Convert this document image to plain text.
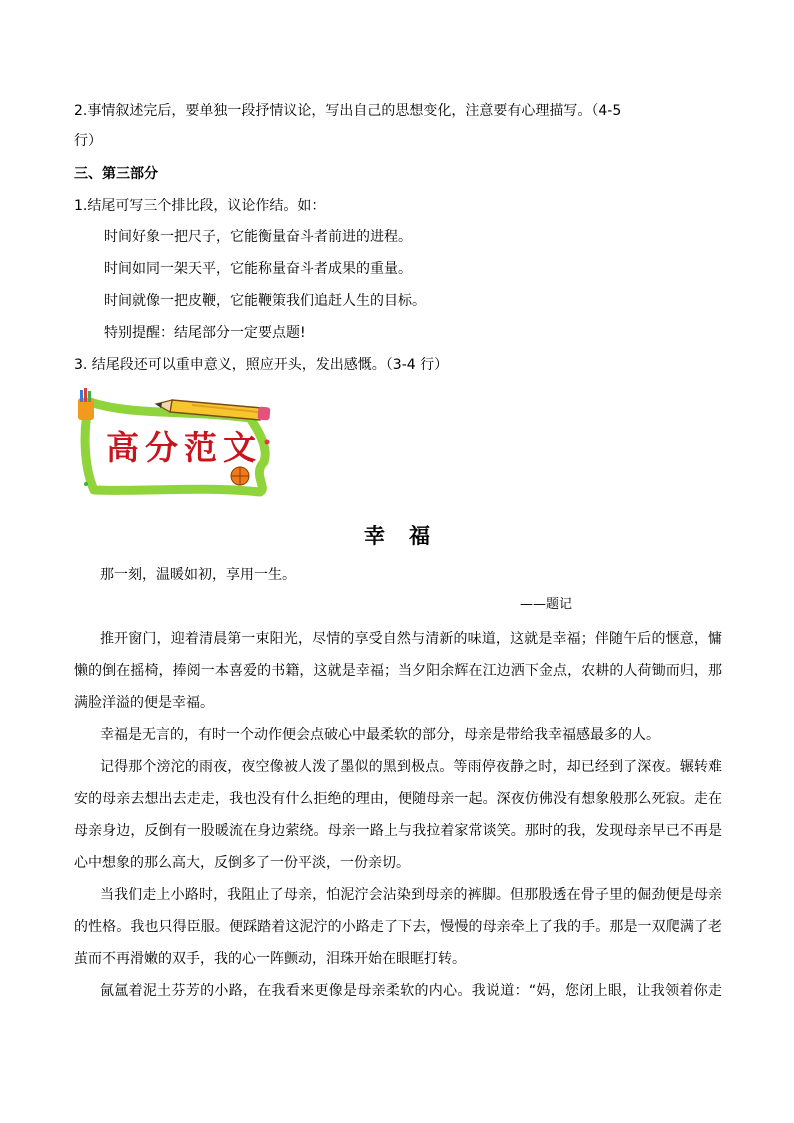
2.事情叙述完后，要单独一段抒情议论，写出自己的思想变化，注意要有心理描写。（4-5
行）
三、第三部分
1.结尾可写三个排比段，议论作结。如：
时间好象一把尺子，它能衡量奋斗者前进的进程。
时间如同一架天平，它能称量奋斗者成果的重量。
时间就像一把皮鞭，它能鞭策我们追赶人生的目标。
特别提醒：结尾部分一定要点题!
3. 结尾段还可以重申意义，照应开头，发出感慨。（3-4 行）
高分范文
幸福
那一刻，温暖如初，享用一生。
——题记
推开窗门，迎着清晨第一束阳光，尽情的享受自然与清新的味道，这就是幸福；伴随午后的惬意，慵
懒的倒在摇椅，捧阅一本喜爱的书籍，这就是幸福；当夕阳余辉在江边洒下金点，农耕的人荷锄而归，那
满脸洋溢的便是幸福。
幸福是无言的，有时一个动作便会点破心中最柔软的部分，母亲是带给我幸福感最多的人。
记得那个滂沱的雨夜，夜空像被人泼了墨似的黑到极点。等雨停夜静之时，却已经到了深夜。辗转难
安的母亲去想出去走走，我也没有什么拒绝的理由，便随母亲一起。深夜仿佛没有想象般那么死寂。走在
母亲身边，反倒有一股暖流在身边萦绕。母亲一路上与我拉着家常谈笑。那时的我，发现母亲早已不再是
心中想象的那么高大，反倒多了一份平淡，一份亲切。
当我们走上小路时，我阻止了母亲，怕泥泞会沾染到母亲的裤脚。但那股透在骨子里的倔劲便是母亲
的性格。我也只得臣服。便踩踏着这泥泞的小路走了下去，慢慢的母亲牵上了我的手。那是一双爬满了老
茧而不再滑嫩的双手，我的心一阵颤动，泪珠开始在眼眶打转。
氤氲着泥土芬芳的小路，在我看来更像是母亲柔软的内心。我说道：“妈，您闭上眼，让我领着你走
